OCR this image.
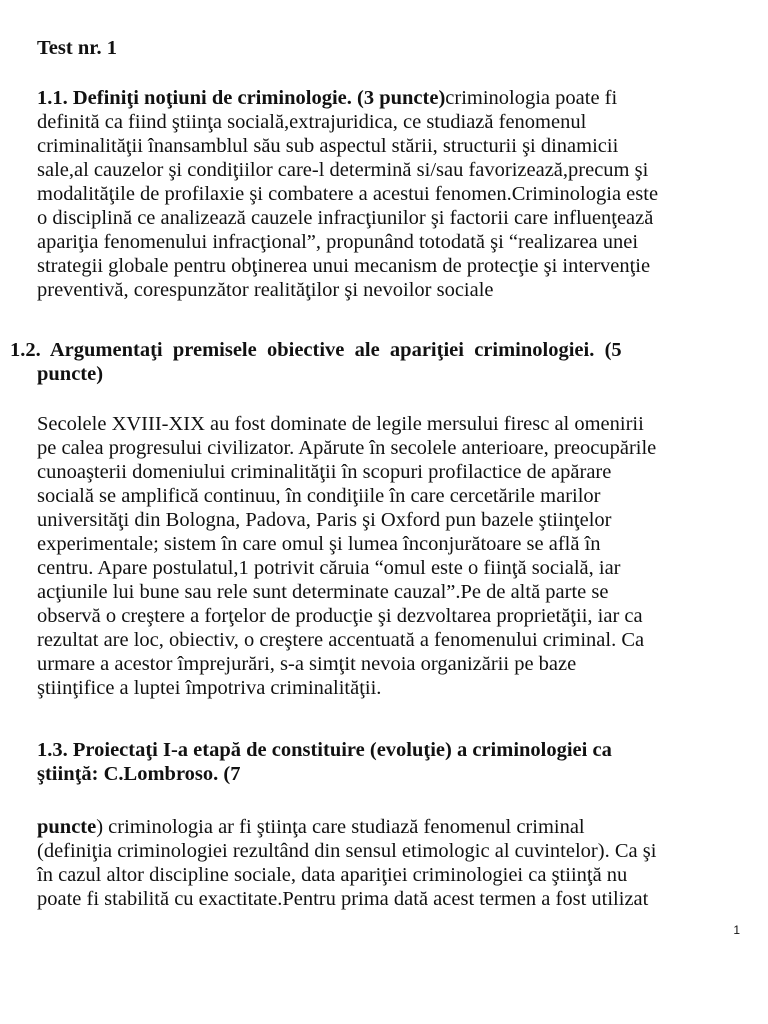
Test nr. 1
1.1. Definiţi noţiuni de criminologie. (3 puncte)criminologia poate fi
definită ca fiind ştiinţa socială,extrajuridica, ce studiază fenomenul
criminalităţii înansamblul său sub aspectul stării, structurii şi dinamicii
sale,al cauzelor şi condiţiilor care-l determină si/sau favorizează,precum şi
modalităţile de profilaxie şi combatere a acestui fenomen.Criminologia este
o disciplină ce analizează cauzele infracţiunilor şi factorii care influenţează
apariţia fenomenului infracţional”, propunând totodată şi “realizarea unei
strategii globale pentru obţinerea unui mecanism de protecţie şi intervenţie
preventivă, corespunzător realităţilor şi nevoilor sociale
1.2.  Argumentaţi  premisele  obiective  ale  apariţiei  criminologiei.  (5
puncte)
Secolele XVIII-XIX au fost dominate de legile mersului firesc al omenirii
pe calea progresului civilizator. Apărute în secolele anterioare, preocupările
cunoaşterii domeniului criminalităţii în scopuri profilactice de apărare
socială se amplifică continuu, în condiţiile în care cercetările marilor
universităţi din Bologna, Padova, Paris şi Oxford pun bazele ştiinţelor
experimentale; sistem în care omul şi lumea înconjurătoare se află în
centru. Apare postulatul,1 potrivit căruia “omul este o fiinţă socială, iar
acţiunile lui bune sau rele sunt determinate cauzal”.Pe de altă parte se
observă o creştere a forţelor de producţie şi dezvoltarea proprietăţii, iar ca
rezultat are loc, obiectiv, o creştere accentuată a fenomenului criminal. Ca
urmare a acestor împrejurări, s-a simţit nevoia organizării pe baze
ştiinţifice a luptei împotriva criminalităţii.
1.3. Proiectaţi I-a etapă de constituire (evoluţie) a criminologiei ca
ştiinţă: C.Lombroso. (7
puncte) criminologia ar fi ştiinţa care studiază fenomenul criminal
(definiţia criminologiei rezultând din sensul etimologic al cuvintelor). Ca şi
în cazul altor discipline sociale, data apariţiei criminologiei ca ştiinţă nu
poate fi stabilită cu exactitate.Pentru prima dată acest termen a fost utilizat
1
